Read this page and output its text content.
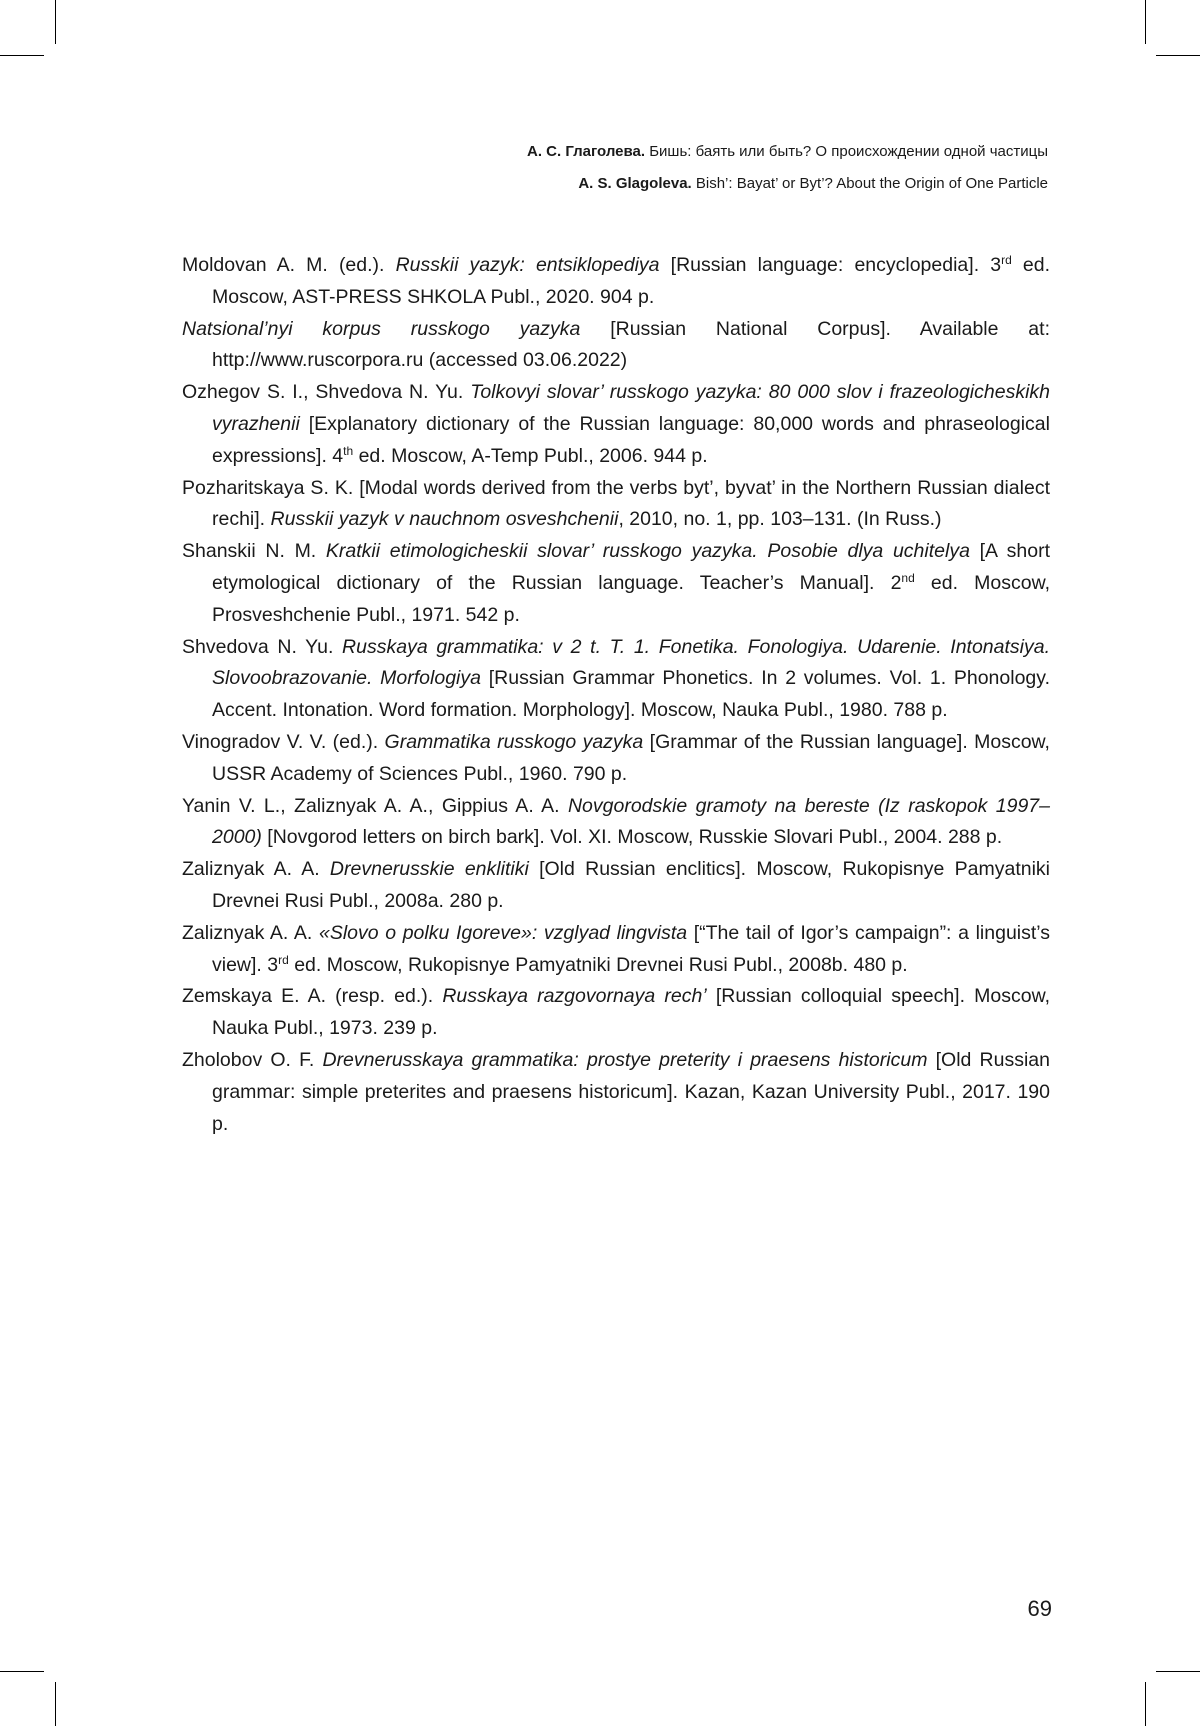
А. С. Глаголева. Бишь: баять или быть? О происхождении одной частицы
A. S. Glagoleva. Bish’: Bayat’ or Byt’? About the Origin of One Particle

Moldovan A. M. (ed.). Russkii yazyk: entsiklopediya [Russian language: encyclopedia]. 3rd ed. Moscow, AST-PRESS SHKOLA Publ., 2020. 904 p.

Natsional’nyi korpus russkogo yazyka [Russian National Corpus]. Available at: http://www.ruscorpora.ru (accessed 03.06.2022)

Ozhegov S. I., Shvedova N. Yu. Tolkovyi slovar’ russkogo yazyka: 80 000 slov i frazeologicheskikh vyrazhenii [Explanatory dictionary of the Russian language: 80,000 words and phraseological expressions]. 4th ed. Moscow, A-Temp Publ., 2006. 944 p.

Pozharitskaya S. K. [Modal words derived from the verbs byt’, byvat’ in the Northern Russian dialect rechi]. Russkii yazyk v nauchnom osveshchenii, 2010, no. 1, pp. 103–131. (In Russ.)

Shanskii N. M. Kratkii etimologicheskii slovar’ russkogo yazyka. Posobie dlya uchitelya [A short etymological dictionary of the Russian language. Teacher’s Manual]. 2nd ed. Moscow, Prosveshchenie Publ., 1971. 542 p.

Shvedova N. Yu. Russkaya grammatika: v 2 t. T. 1. Fonetika. Fonologiya. Udarenie. Intonatsiya. Slovoobrazovanie. Morfologiya [Russian Grammar Phonetics. In 2 volumes. Vol. 1. Phonology. Accent. Intonation. Word formation. Morphology]. Moscow, Nauka Publ., 1980. 788 p.

Vinogradov V. V. (ed.). Grammatika russkogo yazyka [Grammar of the Russian language]. Moscow, USSR Academy of Sciences Publ., 1960. 790 p.

Yanin V. L., Zaliznyak A. A., Gippius A. A. Novgorodskie gramoty na bereste (Iz raskopok 1997–2000) [Novgorod letters on birch bark]. Vol. XI. Moscow, Russkie Slovari Publ., 2004. 288 p.

Zaliznyak A. A. Drevnerusskie enklitiki [Old Russian enclitics]. Moscow, Rukopisnye Pamyatniki Drevnei Rusi Publ., 2008a. 280 p.

Zaliznyak A. A. «Slovo o polku Igoreve»: vzglyad lingvista [“The tail of Igor’s campaign”: a linguist’s view]. 3rd ed. Moscow, Rukopisnye Pamyatniki Drevnei Rusi Publ., 2008b. 480 p.

Zemskaya E. A. (resp. ed.). Russkaya razgovornaya rech’ [Russian colloquial speech]. Moscow, Nauka Publ., 1973. 239 p.

Zholobov O. F. Drevnerusskaya grammatika: prostye preterity i praesens historicum [Old Russian grammar: simple preterites and praesens historicum]. Kazan, Kazan University Publ., 2017. 190 p.

69
